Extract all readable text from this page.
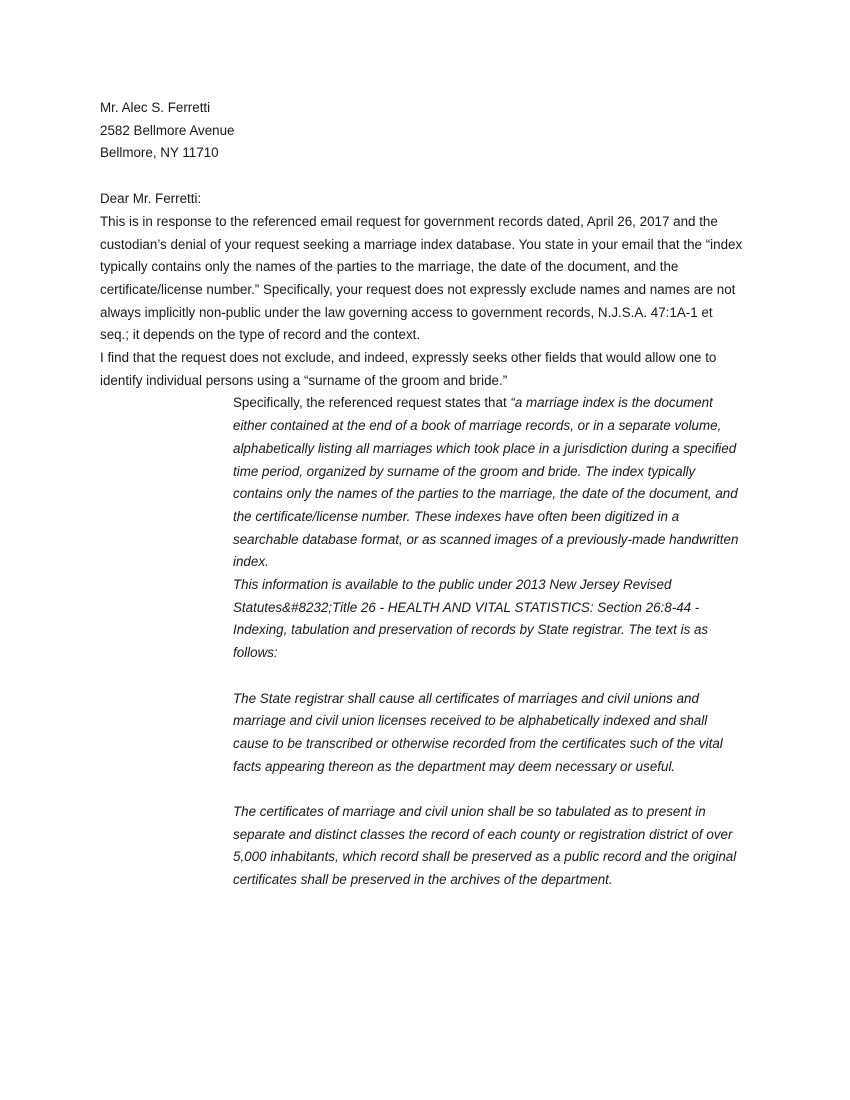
Mr. Alec S. Ferretti

2582 Bellmore Avenue

Bellmore, NY 11710

Dear Mr. Ferretti:

This is in response to the referenced email request for government records dated, April 26, 2017 and the custodian’s denial of your request seeking a marriage index database. You state in your email that the “index typically contains only the names of the parties to the marriage, the date of the document, and the certificate/license number.” Specifically, your request does not expressly exclude names and names are not always implicitly non-public under the law governing access to government records, N.J.S.A. 47:1A-1 et seq.; it depends on the type of record and the context.

I find that the request does not exclude, and indeed, expressly seeks other fields that would allow one to identify individual persons using a “surname of the groom and bride.”

Specifically, the referenced request states that “a marriage index is the document either contained at the end of a book of marriage records, or in a separate volume, alphabetically listing all marriages which took place in a jurisdiction during a specified time period, organized by surname of the groom and bride. The index typically contains only the names of the parties to the marriage, the date of the document, and the certificate/license number. These indexes have often been digitized in a searchable database format, or as scanned images of a previously-made handwritten index.

This information is available to the public under 2013 New Jersey Revised Statutes&#8232;Title 26 - HEALTH AND VITAL STATISTICS: Section 26:8-44 - Indexing, tabulation and preservation of records by State registrar. The text is as follows:

The State registrar shall cause all certificates of marriages and civil unions and marriage and civil union licenses received to be alphabetically indexed and shall cause to be transcribed or otherwise recorded from the certificates such of the vital facts appearing thereon as the department may deem necessary or useful.

The certificates of marriage and civil union shall be so tabulated as to present in separate and distinct classes the record of each county or registration district of over 5,000 inhabitants, which record shall be preserved as a public record and the original certificates shall be preserved in the archives of the department.
